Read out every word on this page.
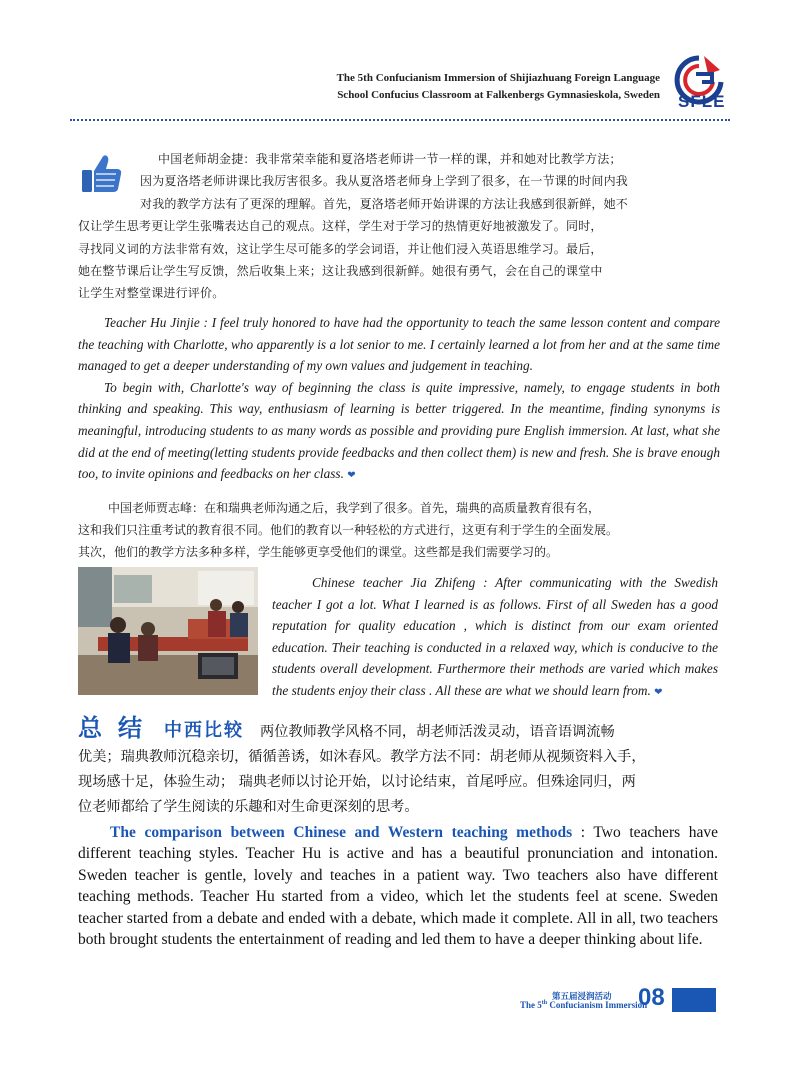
The 5th Confucianism Immersion of Shijiazhuang Foreign Language
School Confucius Classroom at Falkenbergs Gymnasieskola, Sweden SFLE
中国老师胡金捷：我非常荣幸能和夏洛塔老师讲一节一样的课，并和她对比教学方法；
因为夏洛塔老师讲课比我厉害很多。我从夏洛塔老师身上学到了很多，在一节课的时间内我
对我的教学方法有了更深的理解。首先，夏洛塔老师开始讲课的方法让我感到很新鲜，她不
仅让学生思考更让学生张嘴表达自己的观点。这样，学生对于学习的热情更好地被激发了。同时，
寻找同义词的方法非常有效，这让学生尽可能多的学会词语，并让他们浸入英语思维学习。最后，
她在整节课后让学生写反馈，然后收集上来；这让我感到很新鲜。她很有勇气，会在自己的课堂中
让学生对整堂课进行评价。

Teacher Hu Jinjie : I feel truly honored to have had the opportunity to teach the same lesson content and compare the teaching with Charlotte, who apparently is a lot senior to me. I certainly learned a lot from her and at the same time managed to get a deeper understanding of my own values and judgement in teaching.

To begin with, Charlotte's way of beginning the class is quite impressive, namely, to engage students in both thinking and speaking. This way, enthusiasm of learning is better triggered. In the meantime, finding synonyms is meaningful, introducing students to as many words as possible and providing pure English immersion. At last, what she did at the end of meeting(letting students provide feedbacks and then collect them) is new and fresh. She is brave enough too, to invite opinions and feedbacks on her class. ❤

中国老师贾志峰：在和瑞典老师沟通之后，我学到了很多。首先，瑞典的高质量教育很有名，
这和我们只注重考试的教育很不同。他们的教育以一种轻松的方式进行，这更有利于学生的全面发展。
其次，他们的教学方法多种多样，学生能够更享受他们的课堂。这些都是我们需要学习的。

Chinese teacher Jia Zhifeng : After communicating with the Swedish teacher I got a lot. What I learned is as follows. First of all Sweden has a good reputation for quality education , which is distinct from our exam oriented education. Their teaching is conducted in a relaxed way, which is conducive to the students overall development. Furthermore their methods are varied which makes the students enjoy their class . All these are what we should learn from. ❤

总结 中西比较 两位教师教学风格不同，胡老师活泼灵动，语音语调流畅
优美；瑞典教师沉稳亲切，循循善诱，如沐春风。教学方法不同：胡老师从视频资料入手，
现场感十足，体验生动； 瑞典老师以讨论开始，以讨论结束，首尾呼应。但殊途同归，两
位老师都给了学生阅读的乐趣和对生命更深刻的思考。
The comparison between Chinese and Western teaching methods : Two teachers have different teaching styles. Teacher Hu is active and has a beautiful pronunciation and intonation. Sweden teacher is gentle, lovely and teaches in a patient way. Two teachers also have different teaching methods. Teacher Hu started from a video, which let the students feel at scene. Sweden teacher started from a debate and ended with a debate, which made it complete. All in all, two teachers both brought students the entertainment of reading and led them to have a deeper thinking about life.
第五届浸润活动
The 5th Confucianism Immersion
08
